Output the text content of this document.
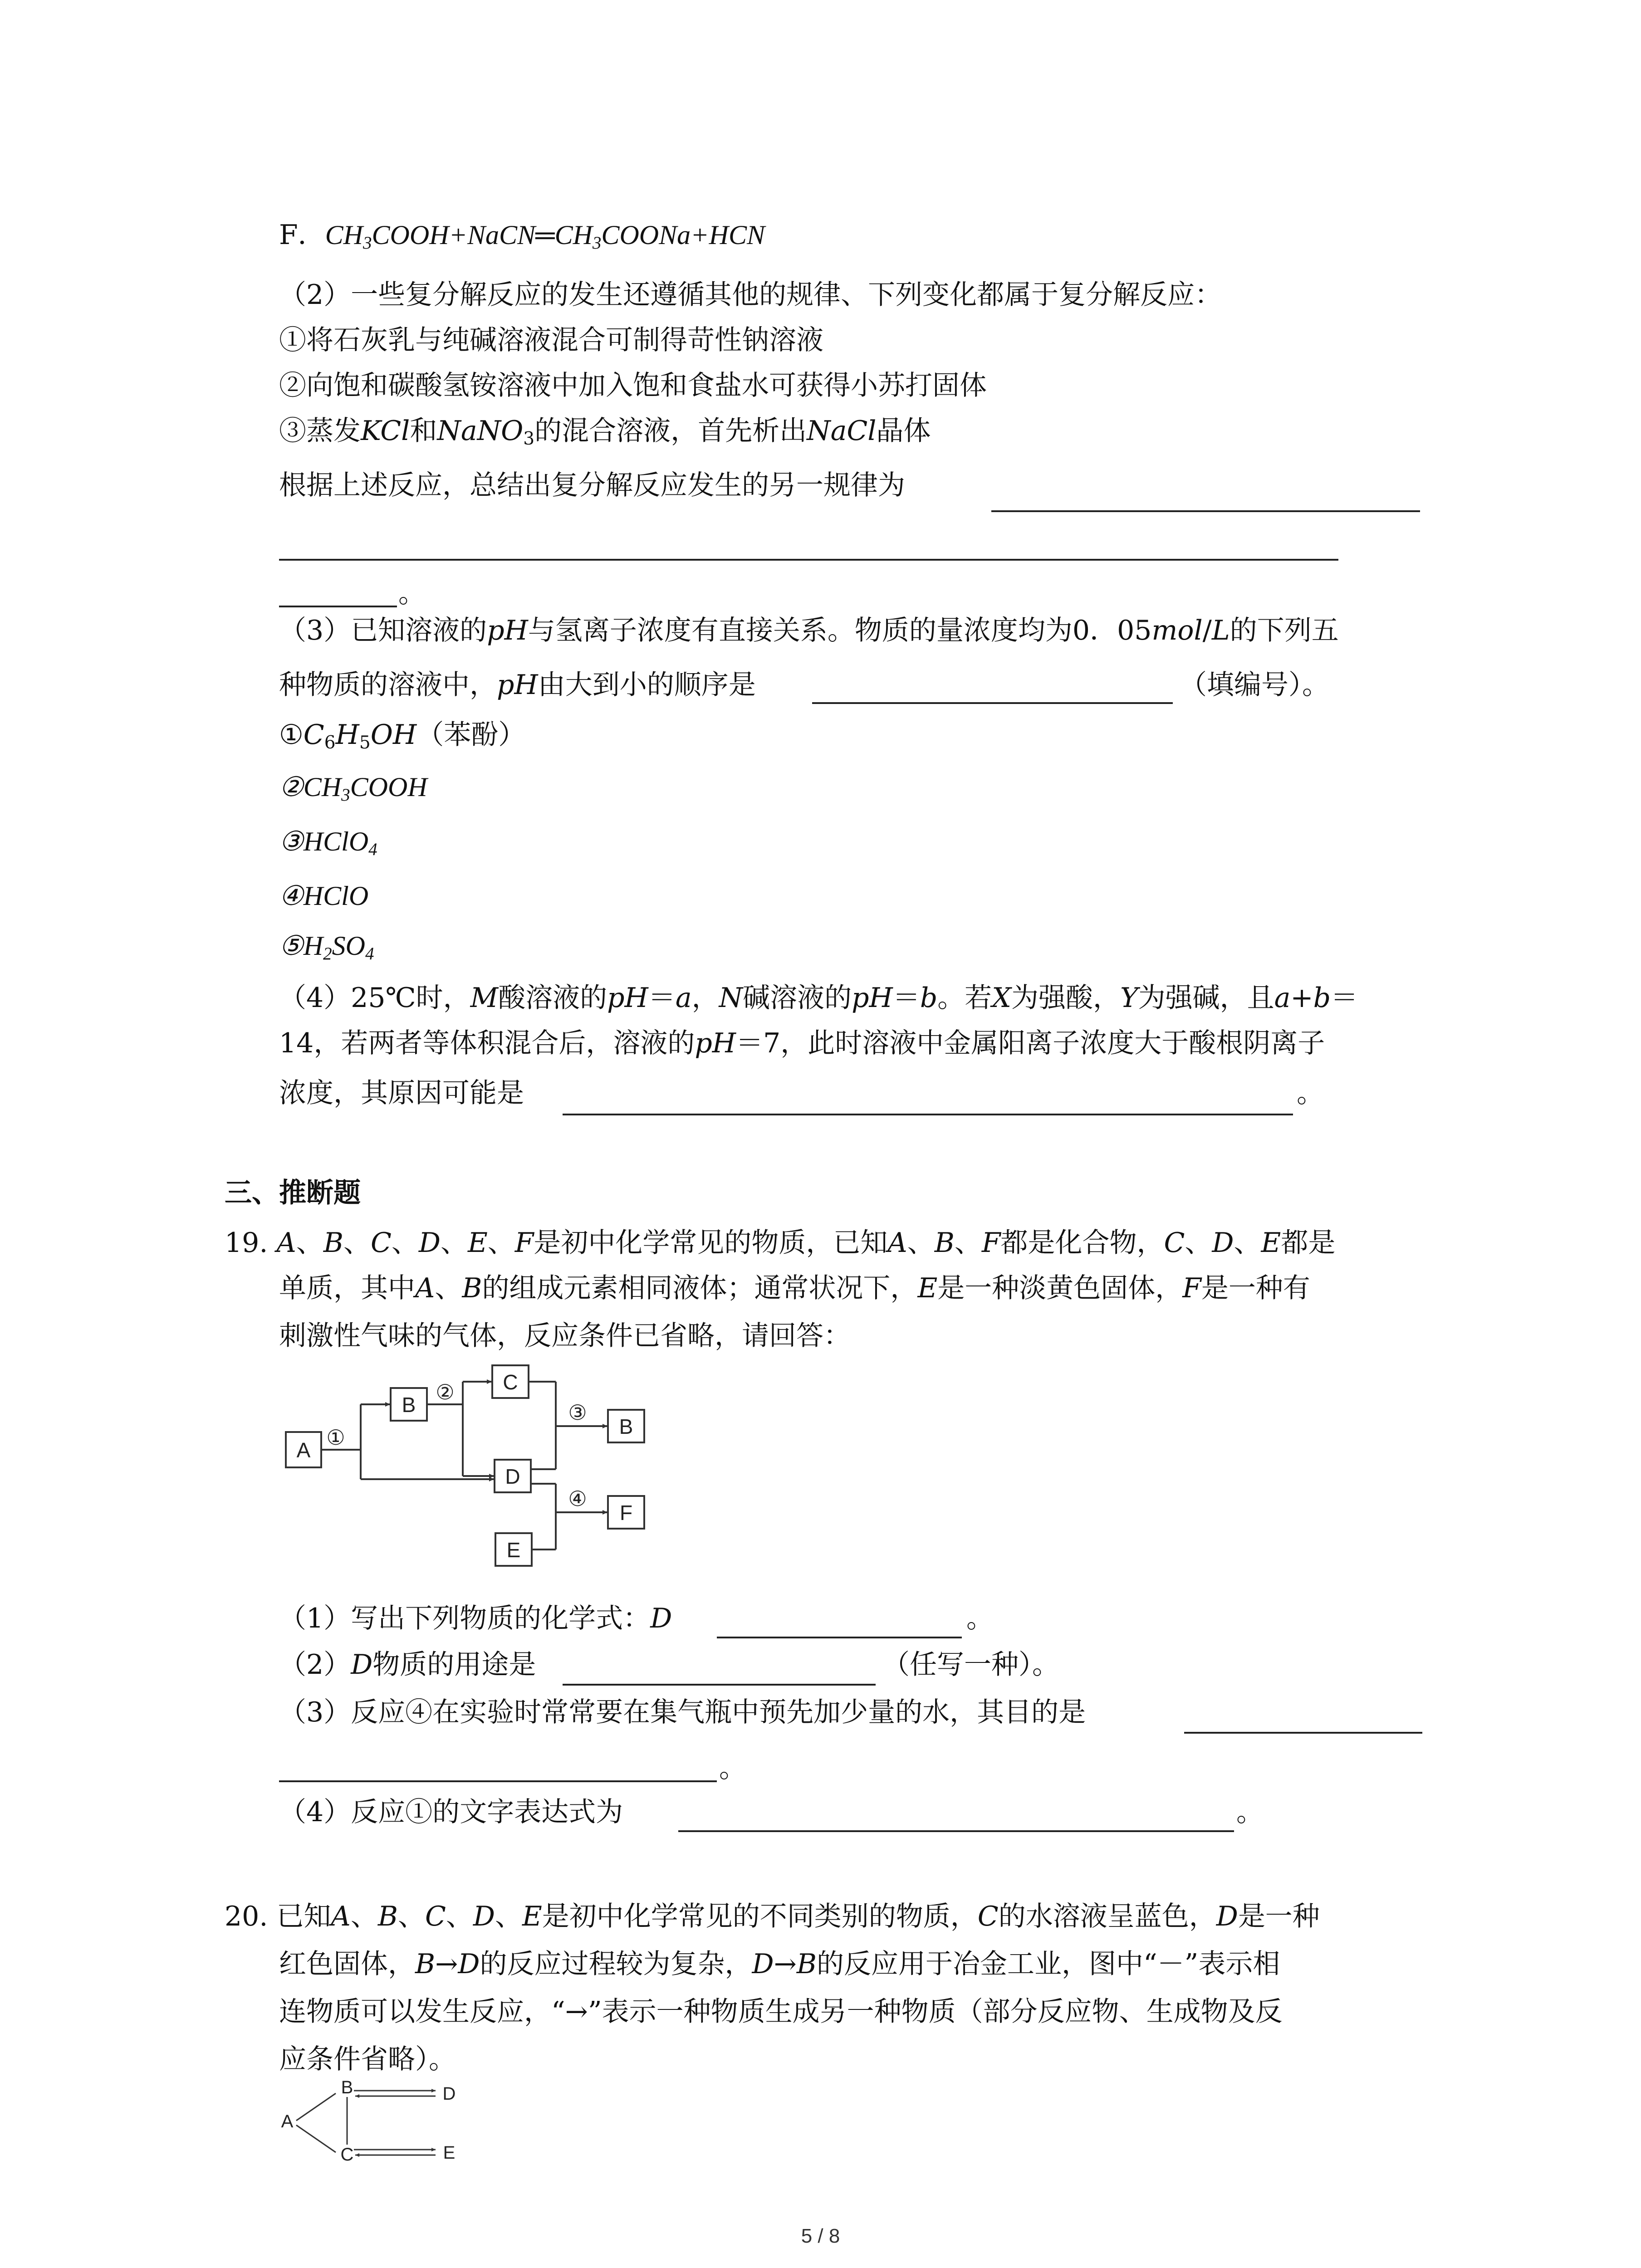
F．$CH_3COOH+NaCN═CH_3COONa+HCN$
（2）一些复分解反应的发生还遵循其他的规律、下列变化都属于复分解反应：
①将石灰乳与纯碱溶液混合可制得苛性钠溶液
②向饱和碳酸氢铵溶液中加入饱和食盐水可获得小苏打固体
③蒸发KCl和NaNO$_3$的混合溶液，首先析出NaCl晶体
根据上述反应，总结出复分解反应发生的另一规律为
。
（3）已知溶液的pH与氢离子浓度有直接关系。物质的量浓度均为0．05mol/L的下列五
种物质的溶液中，pH由大到小的顺序是	（填编号）。
$①C_6H_5OH$（苯酚）
$②CH_3COOH$
③HClO$_4$
④HClO
$⑤H_2SO_4$
（4）25℃时，M酸溶液的pH＝a，N碱溶液的pH＝b。若X为强酸，Y为强碱，且a+b＝
14，若两者等体积混合后，溶液的pH＝7，此时溶液中金属阳离子浓度大于酸根阴离子
浓度，其原因可能是	。
三、推断题
19. A、B、C、D、E、F是初中化学常见的物质，已知A、B、F都是化合物，C、D、E都是
单质，其中A、B的组成元素相同液体；通常状况下，E是一种淡黄色固体，F是一种有
刺激性气味的气体，反应条件已省略，请回答：
A
B
C
D
B
E
F
①
②
③
④
（1）写出下列物质的化学式：D	。
（2）D物质的用途是	（任写一种）。
（3）反应④在实验时常常要在集气瓶中预先加少量的水，其目的是
。
（4）反应①的文字表达式为	。
20. 已知A、B、C、D、E是初中化学常见的不同类别的物质，C的水溶液呈蓝色，D是一种
红色固体，B→D的反应过程较为复杂，D→B的反应用于冶金工业，图中“－”表示相
连物质可以发生反应，“→”表示一种物质生成另一种物质（部分反应物、生成物及反
应条件省略）。
A
B
C
D
E
5 / 8
